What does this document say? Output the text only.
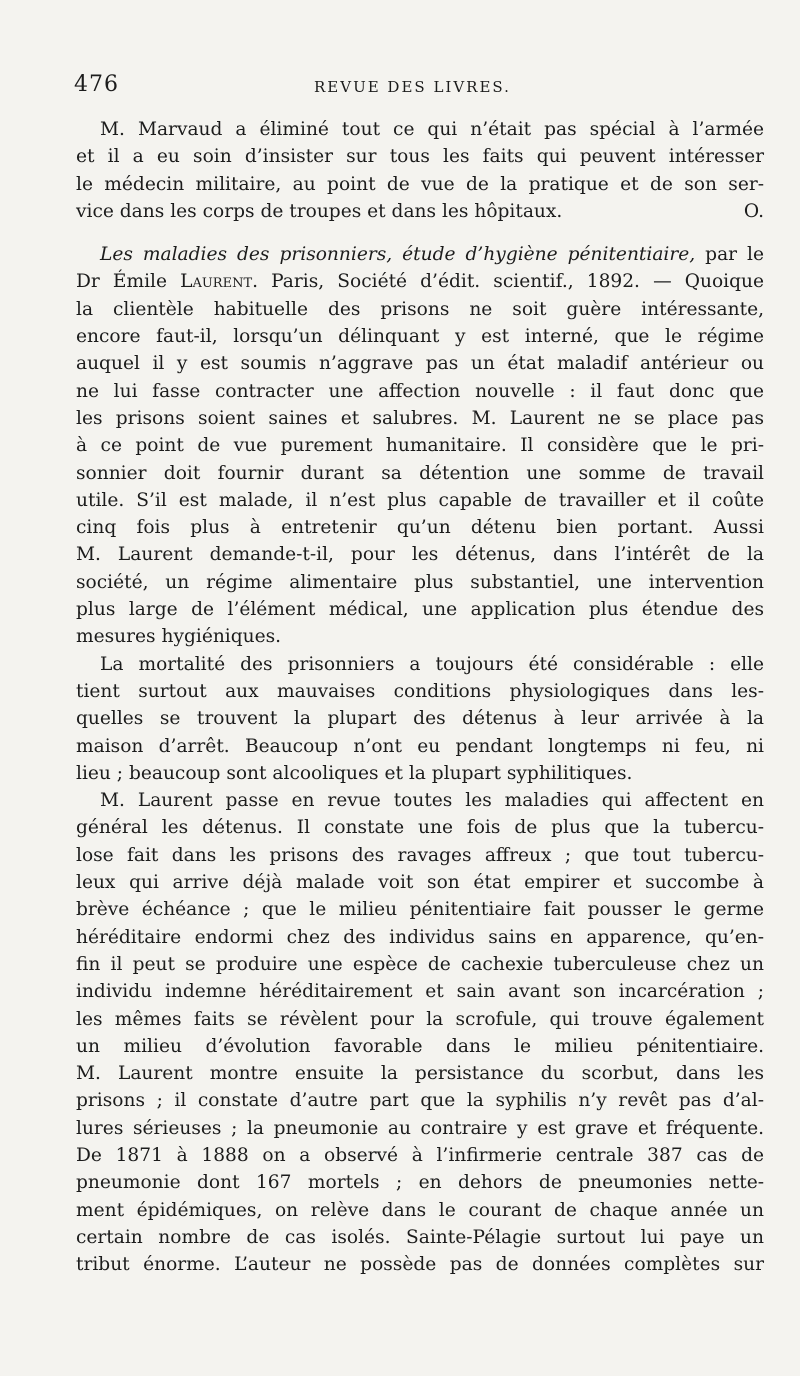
476	REVUE DES LIVRES.
M. Marvaud a éliminé tout ce qui n’était pas spécial à l’armée
et il a eu soin d’insister sur tous les faits qui peuvent intéresser
le médecin militaire, au point de vue de la pratique et de son ser-
vice dans les corps de troupes et dans les hôpitaux.	O.
Les maladies des prisonniers, étude d’hygiène pénitentiaire, par le
Dr Émile Laurent. Paris, Société d’édit. scientif., 1892. — Quoique
la clientèle habituelle des prisons ne soit guère intéressante,
encore faut-il, lorsqu’un délinquant y est interné, que le régime
auquel il y est soumis n’aggrave pas un état maladif antérieur ou
ne lui fasse contracter une affection nouvelle : il faut donc que
les prisons soient saines et salubres. M. Laurent ne se place pas
à ce point de vue purement humanitaire. Il considère que le pri-
sonnier doit fournir durant sa détention une somme de travail
utile. S’il est malade, il n’est plus capable de travailler et il coûte
cinq fois plus à entretenir qu’un détenu bien portant. Aussi
M. Laurent demande-t-il, pour les détenus, dans l’intérêt de la
société, un régime alimentaire plus substantiel, une intervention
plus large de l’élément médical, une application plus étendue des
mesures hygiéniques.
La mortalité des prisonniers a toujours été considérable : elle
tient surtout aux mauvaises conditions physiologiques dans les-
quelles se trouvent la plupart des détenus à leur arrivée à la
maison d’arrêt. Beaucoup n’ont eu pendant longtemps ni feu, ni
lieu ; beaucoup sont alcooliques et la plupart syphilitiques.
M. Laurent passe en revue toutes les maladies qui affectent en
général les détenus. Il constate une fois de plus que la tubercu-
lose fait dans les prisons des ravages affreux ; que tout tubercu-
leux qui arrive déjà malade voit son état empirer et succombe à
brève échéance ; que le milieu pénitentiaire fait pousser le germe
héréditaire endormi chez des individus sains en apparence, qu’en-
fin il peut se produire une espèce de cachexie tuberculeuse chez un
individu indemne héréditairement et sain avant son incarcération ;
les mêmes faits se révèlent pour la scrofule, qui trouve également
un milieu d’évolution favorable dans le milieu pénitentiaire.
M. Laurent montre ensuite la persistance du scorbut, dans les
prisons ; il constate d’autre part que la syphilis n’y revêt pas d’al-
lures sérieuses ; la pneumonie au contraire y est grave et fréquente.
De 1871 à 1888 on a observé à l’infirmerie centrale 387 cas de
pneumonie dont 167 mortels ; en dehors de pneumonies nette-
ment épidémiques, on relève dans le courant de chaque année un
certain nombre de cas isolés. Sainte-Pélagie surtout lui paye un
tribut énorme. L’auteur ne possède pas de données complètes sur
